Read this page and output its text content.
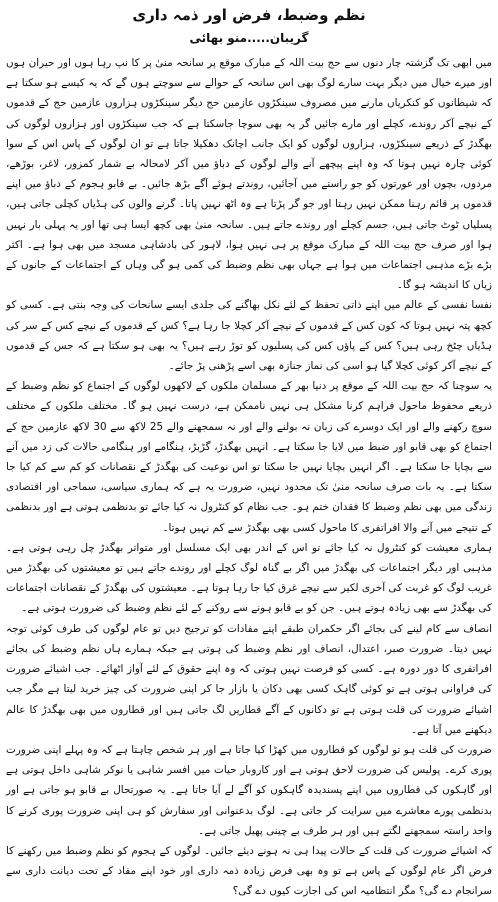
نظم وضبط، فرض اور ذمہ داری
گریبان.....منو بھائی

میں ابھی تک گزشتہ چار دنوں سے حج بیت اللہ کے مبارک موقع پر سانحہ منیٰ پر کا نپ رہا ہوں اور حیران ہوں اور میرے خیال میں دیگر بہت سارے لوگ بھی اس سانحہ کے حوالے سے سوچتے ہوں گے کہ یہ کیسے ہو سکتا ہے کہ شیطانوں کو کنکریاں مارنے میں مصروف سینکڑوں عازمین حج دیگر سینکڑوں ہزاروں عازمین حج کے قدموں کے نیچے آکر روندے، کچلے اور مارے جائیں گر یہ بھی سوچا جاسکتا ہے کہ جب سینکڑوں اور ہزاروں لوگوں کی بھگدڑ کے ذریعے سینکڑوں، ہزاروں لوگوں کو ایک جانب اچانک دھکیلا جاتا ہے تو ان لوگوں کے پاس اس کے سوا کوئی چارہ نہیں ہوتا کہ وہ اپنے پیچھے آنے والے لوگوں کے دباؤ میں آکر لامحالہ بے شمار کمزور، لاغر، بوڑھے، مردوں، بچوں اور عورتوں کو جو راستے میں آجائیں، روندتے ہوئے آگے بڑھ جائیں۔ بے قابو ہجوم کے دباؤ میں اپنے قدموں پر قائم رہنا ممکن نہیں رہتا اور جو گر پڑتا ہے وہ اٹھ نہیں پاتا۔ گرنے والوں کی ہڈیاں کچلی جاتی ہیں، پسلیاں ٹوٹ جاتی ہیں، جسم کچلے اور روندے جاتے ہیں۔ سانحہ منیٰ بھی کچھ ایسا ہی تھا اور یہ پہلی بار نہیں ہوا اور صرف حج بیت اللہ کے مبارک موقع پر ہی نہیں ہوا، لاہور کی بادشاہی مسجد میں بھی ہوا ہے۔ اکثر بڑے بڑے مذہبی اجتماعات میں ہوا ہے جہاں بھی نظم وضبط کی کمی ہو گی وہاں کے اجتماعات کے جانوں کے زیاں کا اندیشہ ہو گا۔

نفسا نفسی کے عالم میں اپنے ذاتی تحفظ کے لئے نکل بھاگنے کی جلدی ایسے سانحات کی وجہ بنتی ہے۔ کسی کو کچھ پتہ نہیں ہوتا کہ کون کس کے قدموں کے نیچے آکر کچلا جا رہا ہے؟ کس کے قدموں کے نیچے کس کے سر کی ہڈیاں چٹخ رہی ہیں؟ کس کے پاؤں کس کی پسلیوں کو توڑ رہے ہیں؟ یہ بھی ہو سکتا ہے کہ جس کے قدموں کے نیچے آکر کوئی کچلا گیا ہو اسی کی نماز جنازہ بھی اسے پڑھنی پڑ جائے۔

یہ سوچنا کہ حج بیت اللہ کے موقع پر دنیا بھر کے مسلمان ملکوں کے لاکھوں لوگوں کے اجتماع کو نظم وضبط کے ذریعے محفوظ ماحول فراہم کرنا مشکل ہی نہیں ناممکن ہے، درست نہیں ہو گا۔ مختلف ملکوں کے مختلف سوچ رکھنے والے اور ایک دوسرے کی زبان نہ بولنے والے اور نہ سمجھنے والے 25 لاکھ سے 30 لاکھ عازمین حج کے اجتماع کو بھی قابو اور ضبط میں لایا جا سکتا ہے۔ انہیں بھگدڑ، گڑبڑ، ہنگامے اور ہنگامی حالات کی زد میں آنے سے بچایا جا سکتا ہے۔ اگر انہیں بچایا نہیں جا سکتا تو اس نوعیت کی بھگدڑ کے نقصانات کو کم سے کم کیا جا سکتا ہے۔ یہ بات صرف سانحہ منیٰ تک محدود نہیں، ضرورت یہ ہے کہ ہماری سیاسی، سماجی اور اقتصادی زندگی میں بھی نظم وضبط کا فقدان ختم ہو۔ جب نظام کو کنٹرول نہ کیا جائے تو بدنظمی ہوتی ہے اور بدنظمی کے نتیجے میں آنے والا افراتفری کا ماحول کسی بھی بھگدڑ سے کم نہیں ہوتا۔

ہماری معیشت کو کنٹرول نہ کیا جائے تو اس کے اندر بھی ایک مسلسل اور متواتر بھگدڑ چل رہی ہوتی ہے۔ مذہبی اور دیگر اجتماعات کی بھگدڑ میں اگر بے گناہ لوگ کچلے اور روندے جاتے ہیں تو معیشتوں کی بھگدڑ میں غریب لوگ کو غربت کی آخری لکیر سے نیچے غرق کیا جا رہا ہوتا ہے۔ معیشتوں کی بھگدڑ کے نقصانات اجتماعات کی بھگدڑ سے بھی زیادہ ہوتے ہیں۔ جن کو بے قابو ہونے سے روکنے کے لئے نظم وضبط کی ضرورت ہوتی ہے۔

انصاف سے کام لینے کی بجائے اگر حکمران طبقے اپنے مفادات کو ترجیح دیں تو عام لوگوں کی طرف کوئی توجہ نہیں دیتا۔ ضرورت صبر، اعتدال، انصاف اور نظم وضبط کی ہوتی ہے جبکہ ہمارے ہاں نظم وضبط کی بجائے افراتفری کا دور دورہ ہے۔ کسی کو فرصت نہیں ہوتی کہ وہ اپنے حقوق کے لئے آواز اٹھائے۔ جب اشیائے ضرورت کی فراوانی ہوتی ہے تو کوئی گاہک کسی بھی دکان یا بازار جا کر اپنی ضرورت کی چیز خرید لیتا ہے مگر جب اشیائے ضرورت کی قلت ہوتی ہے تو دکانوں کے آگے قطاریں لگ جاتی ہیں اور قطاروں میں بھی بھگدڑ کا عالم دیکھنے میں آتا ہے۔

ضرورت کی قلت ہو تو لوگوں کو قطاروں میں کھڑا کیا جاتا ہے اور ہر شخص چاہتا ہے کہ وہ پہلے اپنی ضرورت پوری کرے۔ پولیس کی ضرورت لاحق ہوتی ہے اور کاروبار حیات میں افسر شاہی یا نوکر شاہی داخل ہوتی ہے اور گاہکوں کی قطاروں میں اپنے پسندیدہ گاہکوں کو آگے لے آیا جاتا ہے۔ یہ صورتحال بے قابو ہو جاتی ہے اور بدنظمی پورے معاشرے میں سرایت کر جاتی ہے۔ لوگ بدعنوانی اور سفارش کو ہی اپنی ضرورت پوری کرنے کا واحد راستہ سمجھنے لگتے ہیں اور ہر طرف بے چینی پھیل جاتی ہے۔

کہ اشیائے ضرورت کی قلت کے حالات پیدا ہی نہ ہونے دیئے جائیں۔ لوگوں کے ہجوم کو نظم وضبط میں رکھنے کا فرض اگر عام لوگوں کے پاس ہے تو وہ بھی فرض زیادہ ذمہ داری اور خود اپنے مفاد کے تحت دیانت داری سے سرانجام دے گی؟ مگر انتظامیہ اس کی اجازت کیوں دے گی؟
